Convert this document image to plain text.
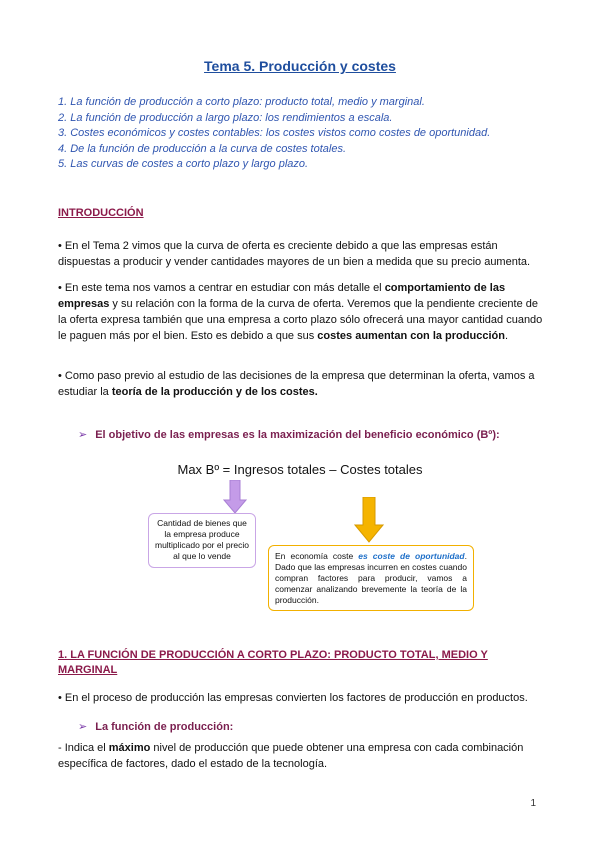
Tema 5. Producción y costes
1. La función de producción a corto plazo: producto total, medio y marginal.
2. La función de producción a largo plazo: los rendimientos a escala.
3. Costes económicos y costes contables: los costes vistos como costes de oportunidad.
4. De la función de producción a la curva de costes totales.
5. Las curvas de costes a corto plazo y largo plazo.
INTRODUCCIÓN
• En el Tema 2 vimos que la curva de oferta es creciente debido a que las empresas están dispuestas a producir y vender cantidades mayores de un bien a medida que su precio aumenta.
• En este tema nos vamos a centrar en estudiar con más detalle el comportamiento de las empresas y su relación con la forma de la curva de oferta. Veremos que la pendiente creciente de la oferta expresa también que una empresa a corto plazo sólo ofrecerá una mayor cantidad cuando le paguen más por el bien. Esto es debido a que sus costes aumentan con la producción.
• Como paso previo al estudio de las decisiones de la empresa que determinan la oferta, vamos a estudiar la teoría de la producción y de los costes.
➢ El objetivo de las empresas es la maximización del beneficio económico (Bº):
Max Bº = Ingresos totales – Costes totales
Cantidad de bienes que la empresa produce multiplicado por el precio al que lo vende	En economía coste es coste de oportunidad. Dado que las empresas incurren en costes cuando compran factores para producir, vamos a comenzar analizando brevemente la teoría de la producción.
1. LA FUNCIÓN DE PRODUCCIÓN A CORTO PLAZO: PRODUCTO TOTAL, MEDIO Y MARGINAL
• En el proceso de producción las empresas convierten los factores de producción en productos.
➢ La función de producción:
- Indica el máximo nivel de producción que puede obtener una empresa con cada combinación específica de factores, dado el estado de la tecnología.
1
